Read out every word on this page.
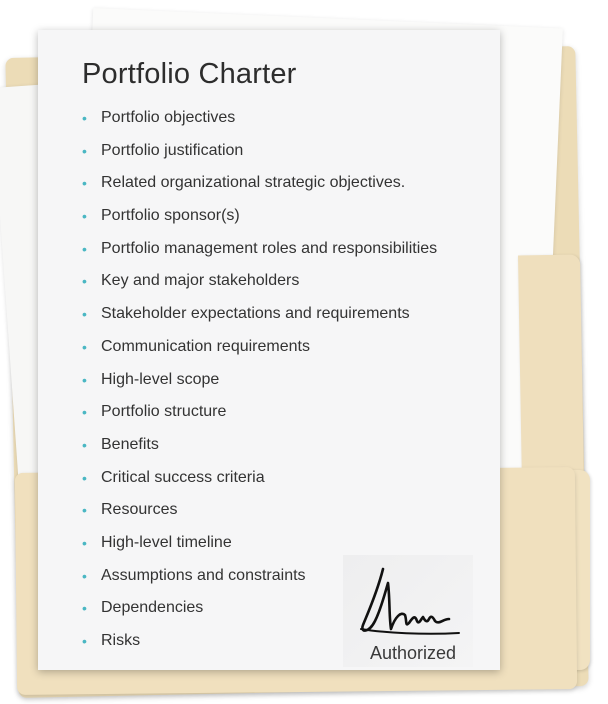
Portfolio Charter
• Portfolio objectives
• Portfolio justification
• Related organizational strategic objectives.
• Portfolio sponsor(s)
• Portfolio management roles and responsibilities
• Key and major stakeholders
• Stakeholder expectations and requirements
• Communication requirements
• High-level scope
• Portfolio structure
• Benefits
• Critical success criteria
• Resources
• High-level timeline
• Assumptions and constraints
• Dependencies
• Risks
Authorized
